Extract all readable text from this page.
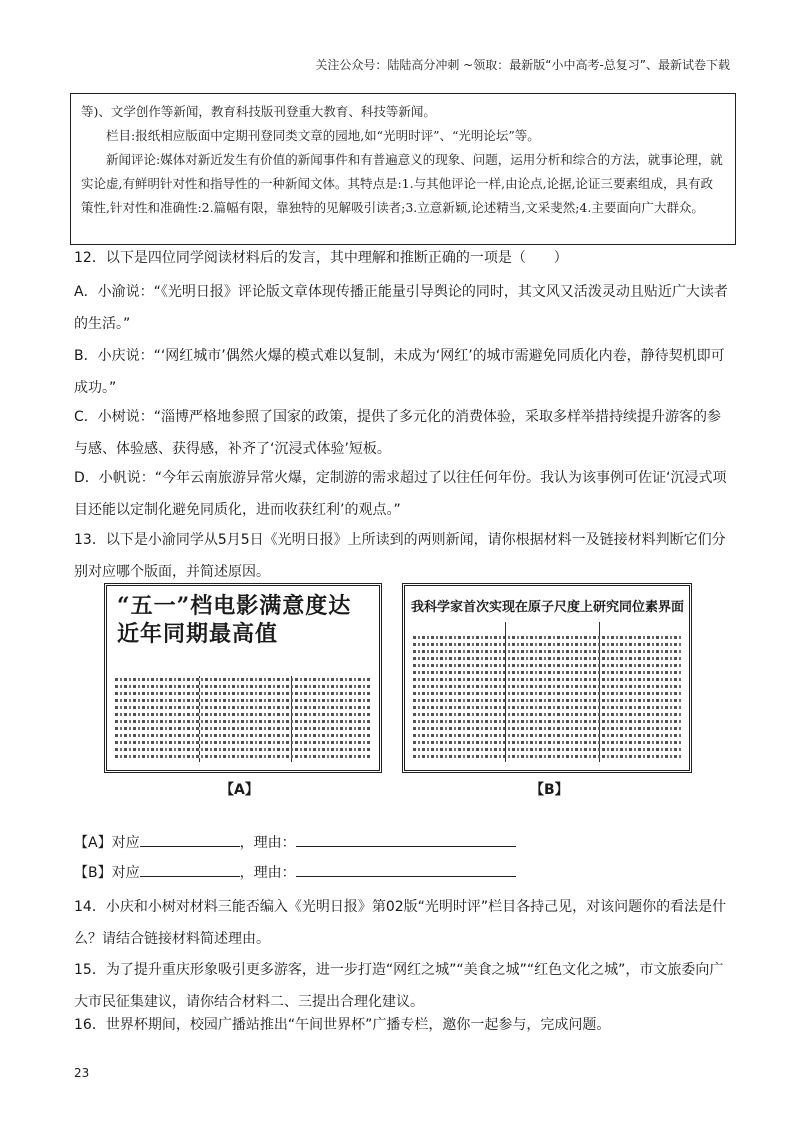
关注公众号：陆陆高分冲刺 ~领取：最新版“小中高考-总复习”、最新试卷下载

等)、文学创作等新闻，教育科技版刊登重大教育、科技等新闻。

栏目:报纸相应版面中定期刊登同类文章的园地,如“光明时评”、“光明论坛”等。

新闻评论:媒体对新近发生有价值的新闻事件和有普遍意义的现象、问题，运用分析和综合的方法，就事论理，就实论虚,有鲜明针对性和指导性的一种新闻文体。其特点是:1.与其他评论一样,由论点,论据,论证三要素组成，具有政策性,针对性和准确性:2.篇幅有限，靠独特的见解吸引读者;3.立意新颖,论述精当,文采斐然;4.主要面向广大群众。

12．以下是四位同学阅读材料后的发言，其中理解和推断正确的一项是（　　）
A．小渝说：“《光明日报》评论版文章体现传播正能量引导舆论的同时，其文风又活泼灵动且贴近广大读者的生活。”
B．小庆说：“‘网红城市’偶然火爆的模式难以复制，未成为‘网红’的城市需避免同质化内卷，静待契机即可成功。”
C．小树说：“淄博严格地参照了国家的政策，提供了多元化的消费体验，采取多样举措持续提升游客的参与感、体验感、获得感，补齐了‘沉浸式体验’短板。
D．小帆说：“今年云南旅游异常火爆，定制游的需求超过了以往任何年份。我认为该事例可佐证‘沉浸式项目还能以定制化避免同质化，进而收获红利’的观点。”
13．以下是小渝同学从5月5日《光明日报》上所读到的两则新闻，请你根据材料一及链接材料判断它们分别对应哪个版面，并简述原因。
“五一”档电影满意度达近年同期最高值
我科学家首次实现在原子尺度上研究同位素界面
【A】	【B】
【A】对应	，理由：
【B】对应	，理由：
14．小庆和小树对材料三能否编入《光明日报》第02版“光明时评”栏目各持己见，对该问题你的看法是什么？请结合链接材料简述理由。
15．为了提升重庆形象吸引更多游客，进一步打造“网红之城”“美食之城”“红色文化之城”，市文旅委向广大市民征集建议，请你结合材料二、三提出合理化建议。
16．世界杯期间，校园广播站推出“午间世界杯”广播专栏，邀你一起参与，完成问题。
23
